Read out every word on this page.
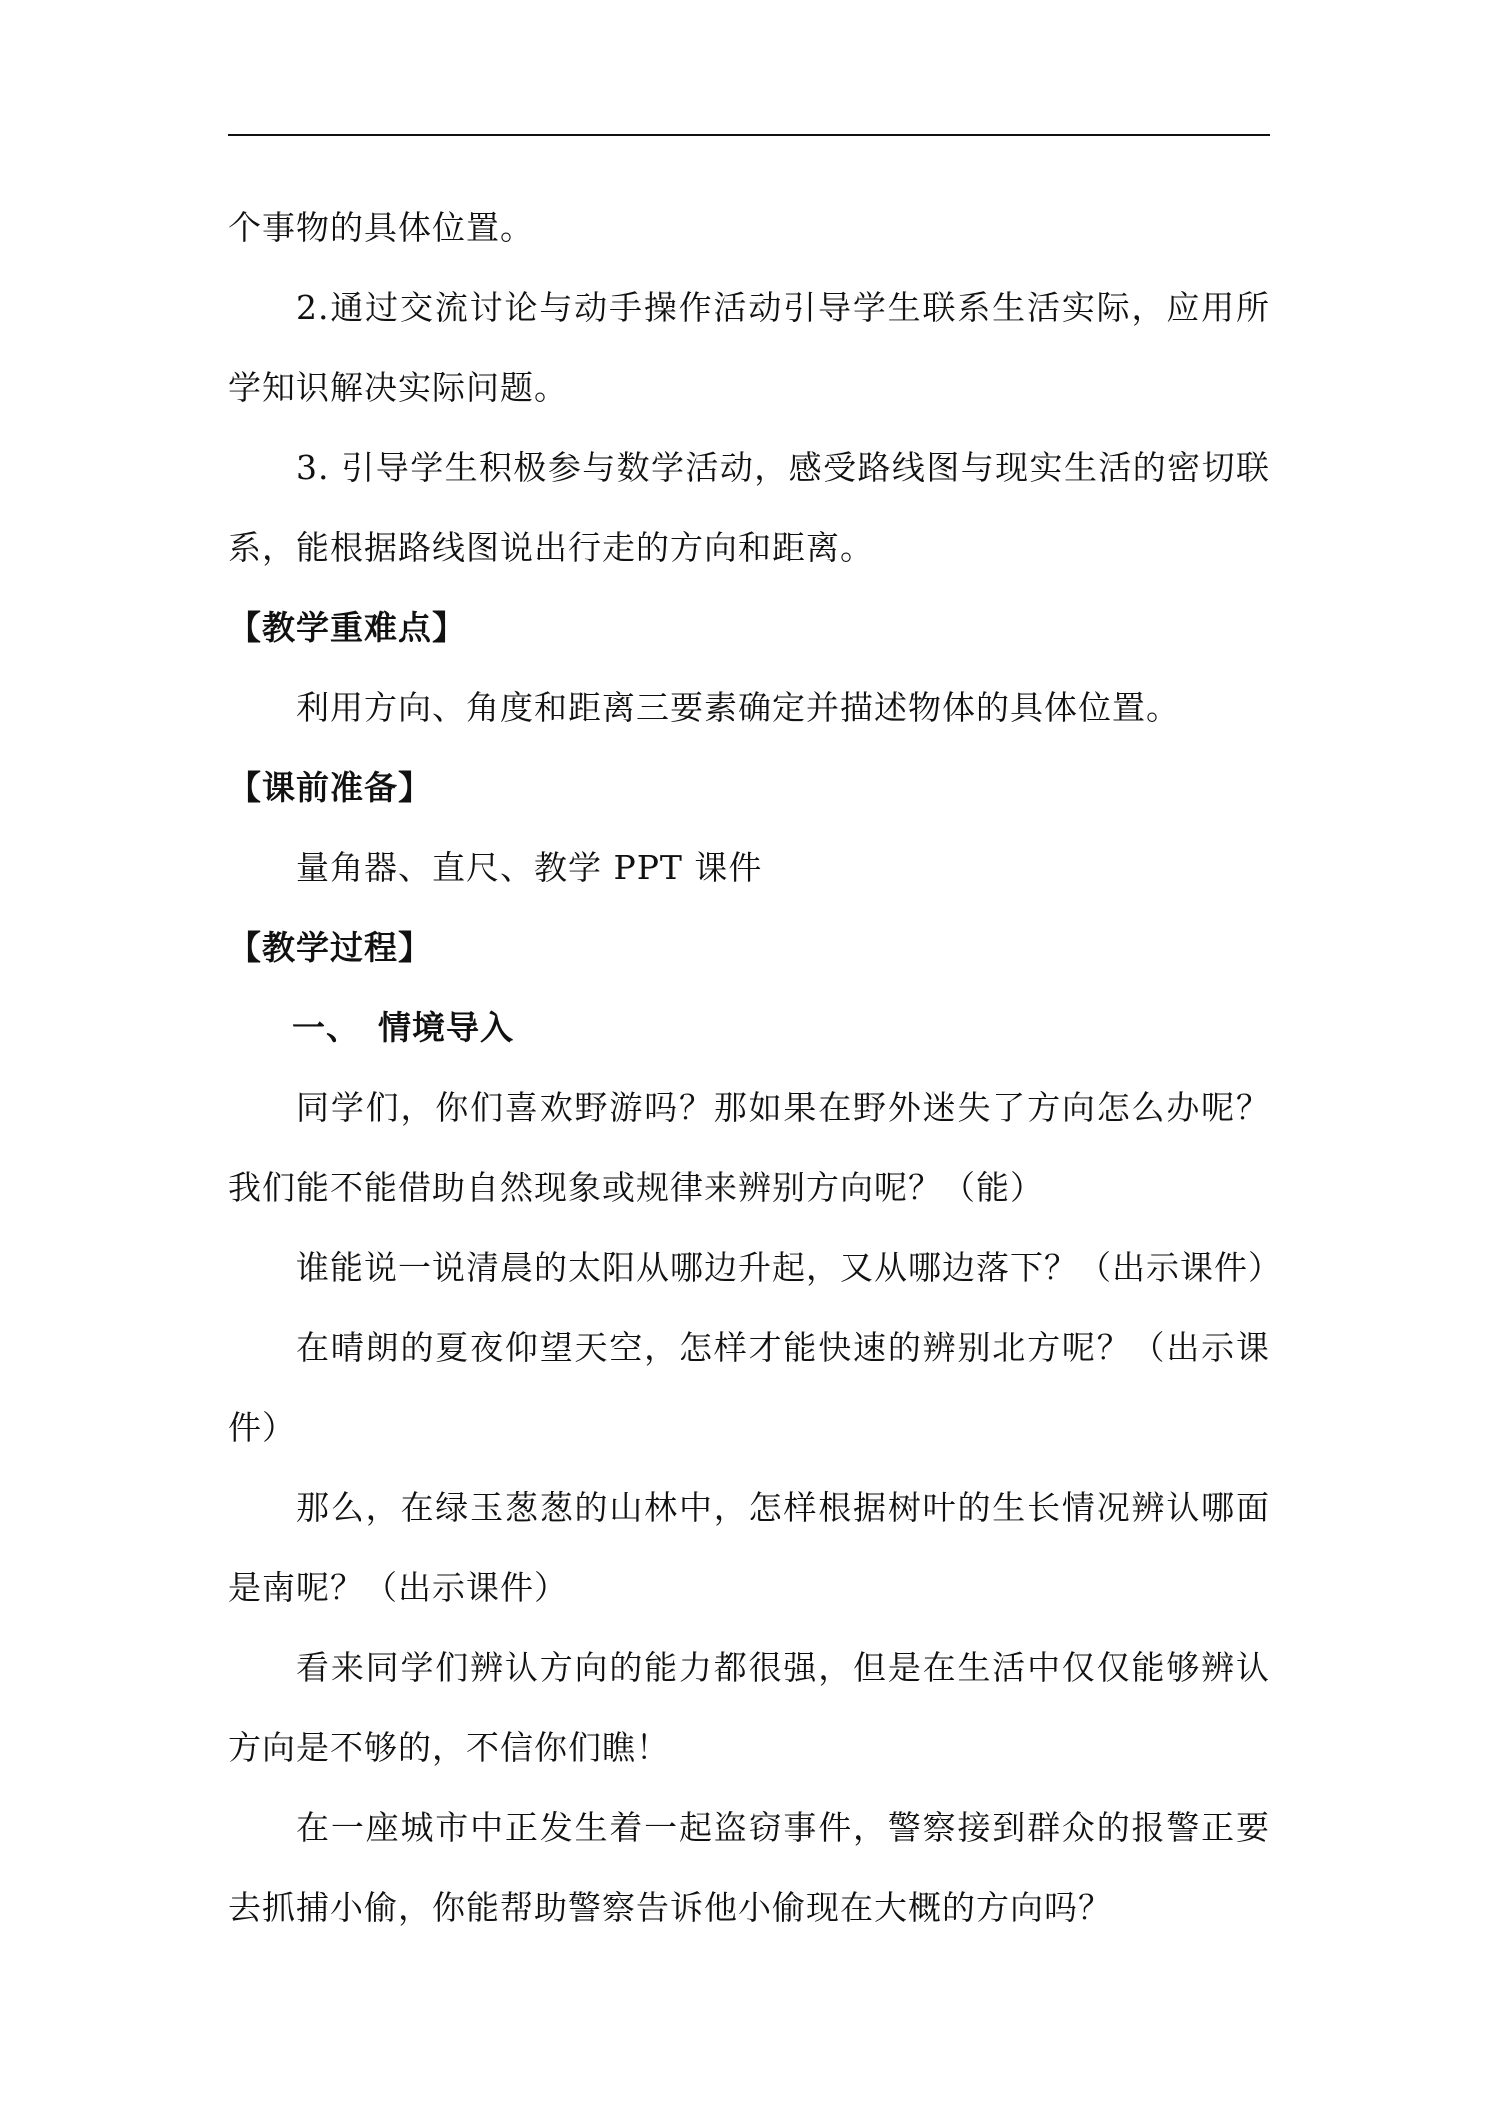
个事物的具体位置。

2.通过交流讨论与动手操作活动引导学生联系生活实际，应用所学知识解决实际问题。

3. 引导学生积极参与数学活动，感受路线图与现实生活的密切联系，能根据路线图说出行走的方向和距离。

【教学重难点】

利用方向、角度和距离三要素确定并描述物体的具体位置。

【课前准备】

量角器、直尺、教学 PPT 课件

【教学过程】

一、 情境导入

同学们，你们喜欢野游吗？那如果在野外迷失了方向怎么办呢？我们能不能借助自然现象或规律来辨别方向呢？（能）

谁能说一说清晨的太阳从哪边升起，又从哪边落下？（出示课件）

在晴朗的夏夜仰望天空，怎样才能快速的辨别北方呢？（出示课件）

那么，在绿玉葱葱的山林中，怎样根据树叶的生长情况辨认哪面是南呢？（出示课件）

看来同学们辨认方向的能力都很强，但是在生活中仅仅能够辨认方向是不够的，不信你们瞧！

在一座城市中正发生着一起盗窃事件，警察接到群众的报警正要去抓捕小偷，你能帮助警察告诉他小偷现在大概的方向吗？
